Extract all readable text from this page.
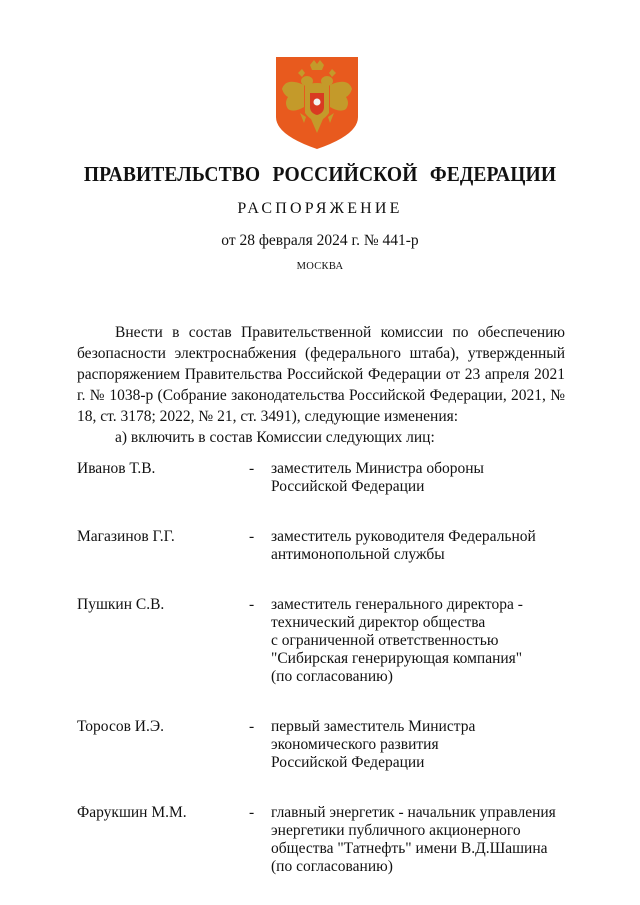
ПРАВИТЕЛЬСТВО РОССИЙСКОЙ ФЕДЕРАЦИИ
РАСПОРЯЖЕНИЕ
от 28 февраля 2024 г. № 441-р
МОСКВА

Внести в состав Правительственной комиссии по обеспечению безопасности электроснабжения (федерального штаба), утвержденный распоряжением Правительства Российской Федерации от 23 апреля 2021 г. № 1038-р (Собрание законодательства Российской Федерации, 2021, № 18, ст. 3178; 2022, № 21, ст. 3491), следующие изменения:

а) включить в состав Комиссии следующих лиц:

Иванов Т.В.	- заместитель Министра обороны
Российской Федерации
Магазинов Г.Г.	- заместитель руководителя Федеральной
антимонопольной службы
Пушкин С.В.	- заместитель генерального директора -
технический директор общества
с ограниченной ответственностью
"Сибирская генерирующая компания"
(по согласованию)
Торосов И.Э.	- первый заместитель Министра
экономического развития
Российской Федерации
Фарукшин М.М.	- главный энергетик - начальник управления
энергетики публичного акционерного
общества "Татнефть" имени В.Д.Шашина
(по согласованию)
